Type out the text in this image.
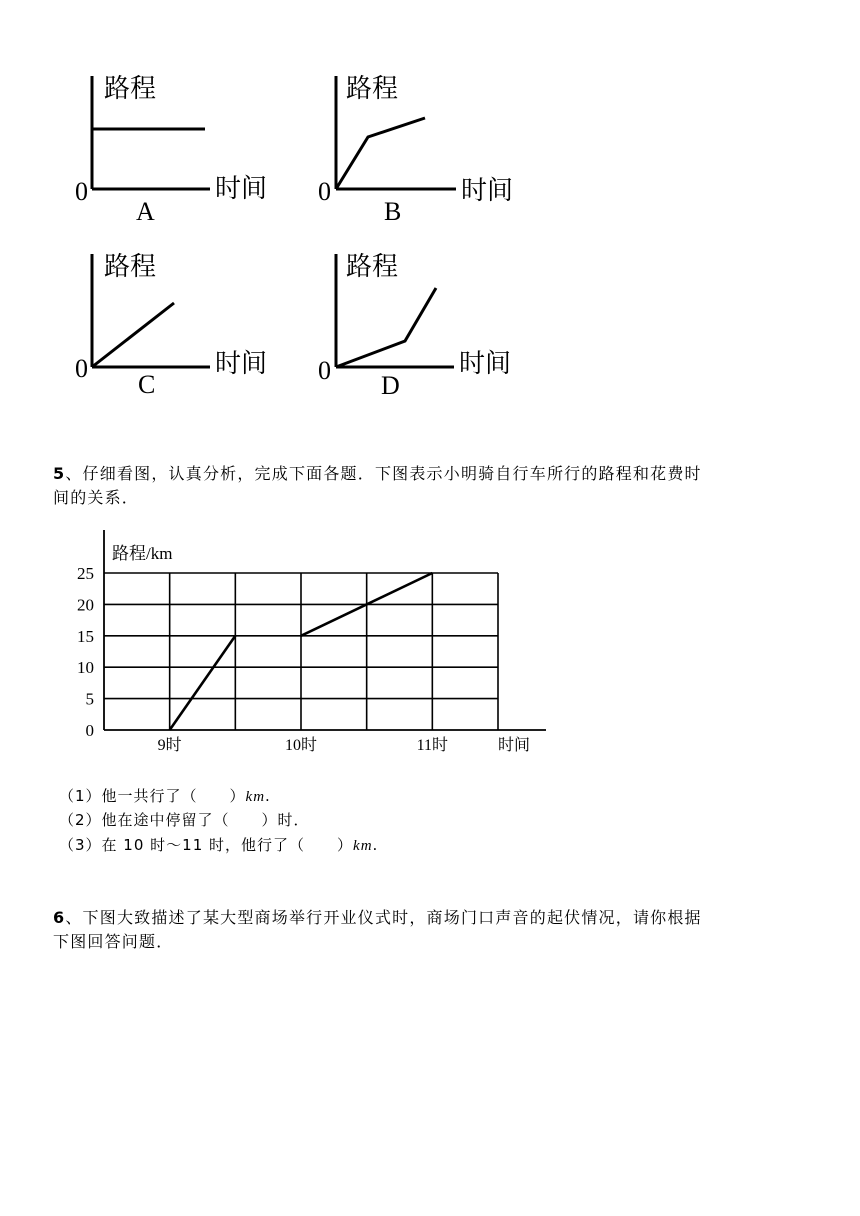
路程
时间
0
A
路程
时间
0
B
路程
时间
0
C
路程
时间
0
D
5、仔细看图，认真分析，完成下面各题．下图表示小明骑自行车所行的路程和花费时
间的关系．
0
5
10
15
20
25
9时	10时	11时
路程/km
时间
（1）他一共行了（　　）km.
（2）他在途中停留了（　　）时．
（3）在 10 时～11 时，他行了（　　）km.
6、下图大致描述了某大型商场举行开业仪式时，商场门口声音的起伏情况，请你根据
下图回答问题．
